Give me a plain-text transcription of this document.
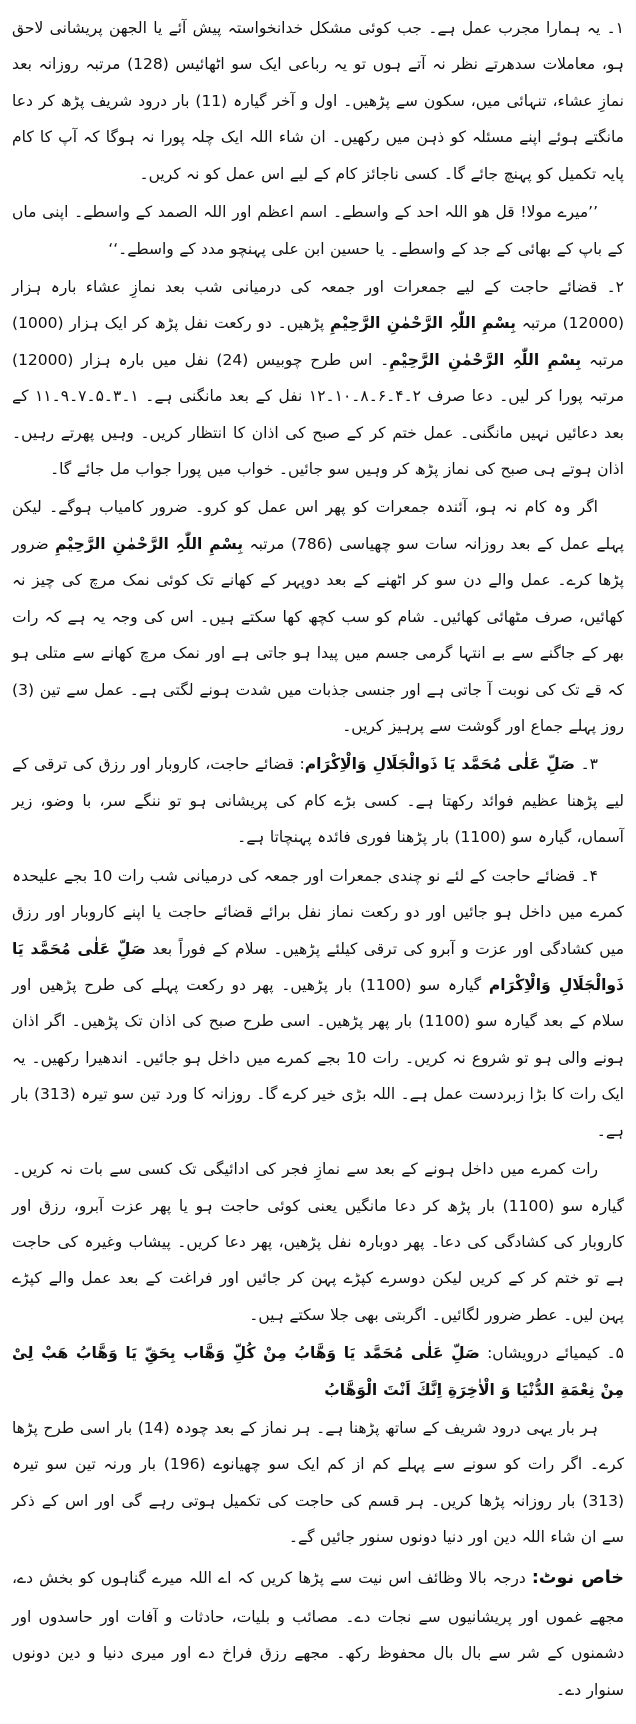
۱۔ یہ ہمارا مجرب عمل ہے۔ جب کوئی مشکل خدانخواستہ پیش آئے یا الجھن پریشانی لاحق ہو، معاملات سدھرتے نظر نہ آتے ہوں تو یہ رباعی ایک سو اٹھائیس (128) مرتبہ روزانہ بعد نمازِ عشاء، تنہائی میں، سکون سے پڑھیں۔ اول و آخر گیارہ (11) بار درود شریف پڑھ کر دعا مانگتے ہوئے اپنے مسئلہ کو ذہن میں رکھیں۔ ان شاء اللہ ایک چلہ پورا نہ ہوگا کہ آپ کا کام پایہ تکمیل کو پہنچ جائے گا۔ کسی ناجائز کام کے لیے اس عمل کو نہ کریں۔

’’میرے مولا! قل ھو اللہ احد کے واسطے۔ اسم اعظم اور اللہ الصمد کے واسطے۔ اپنی ماں کے باپ کے بھائی کے جد کے واسطے۔ یا حسین ابن علی پہنچو مدد کے واسطے۔‘‘

۲۔ قضائے حاجت کے لیے جمعرات اور جمعہ کی درمیانی شب بعد نمازِ عشاء بارہ ہزار (12000) مرتبہ بِسْمِ اللّٰہِ الرَّحْمٰنِ الرَّحِيْمِ پڑھیں۔ دو رکعت نفل پڑھ کر ایک ہزار (1000) مرتبہ بِسْمِ اللّٰہِ الرَّحْمٰنِ الرَّحِيْمِ۔ اس طرح چوبیس (24) نفل میں بارہ ہزار (12000) مرتبہ پورا کر لیں۔ دعا صرف ۲۔۴۔۶۔۸۔۱۰۔۱۲ نفل کے بعد مانگنی ہے۔ ۱۔۳۔۵۔۷۔۹۔۱۱ کے بعد دعائیں نہیں مانگنی۔ عمل ختم کر کے صبح کی اذان کا انتظار کریں۔ وہیں پھرتے رہیں۔ اذان ہوتے ہی صبح کی نماز پڑھ کر وہیں سو جائیں۔ خواب میں پورا جواب مل جائے گا۔

اگر وہ کام نہ ہو، آئندہ جمعرات کو پھر اس عمل کو کرو۔ ضرور کامیاب ہوگے۔ لیکن پہلے عمل کے بعد روزانہ سات سو چھیاسی (786) مرتبہ بِسْمِ اللّٰہِ الرَّحْمٰنِ الرَّحِيْمِ ضرور پڑھا کرے۔ عمل والے دن سو کر اٹھنے کے بعد دوپہر کے کھانے تک کوئی نمک مرچ کی چیز نہ کھائیں، صرف مٹھائی کھائیں۔ شام کو سب کچھ کھا سکتے ہیں۔ اس کی وجہ یہ ہے کہ رات بھر کے جاگنے سے بے انتہا گرمی جسم میں پیدا ہو جاتی ہے اور نمک مرچ کھانے سے متلی ہو کہ قے تک کی نوبت آ جاتی ہے اور جنسی جذبات میں شدت ہونے لگتی ہے۔ عمل سے تین (3) روز پہلے جماع اور گوشت سے پرہیز کریں۔

۳۔ صَلِّ عَلٰی مُحَمَّد يَا ذَوالْجَلَالِ وَالْاِکْرَام: قضائے حاجت، کاروبار اور رزق کی ترقی کے لیے پڑھنا عظیم فوائد رکھتا ہے۔ کسی بڑے کام کی پریشانی ہو تو ننگے سر، با وضو، زیر آسماں، گیارہ سو (1100) بار پڑھنا فوری فائدہ پہنچاتا ہے۔

۴۔ قضائے حاجت کے لئے نو چندی جمعرات اور جمعہ کی درمیانی شب رات 10 بجے علیحدہ کمرے میں داخل ہو جائیں اور دو رکعت نماز نفل برائے قضائے حاجت یا اپنے کاروبار اور رزق میں کشادگی اور عزت و آبرو کی ترقی کیلئے پڑھیں۔ سلام کے فوراً بعد صَلِّ عَلٰی مُحَمَّد يَا ذَوالْجَلَالِ وَالْاِکْرَام گیارہ سو (1100) بار پڑھیں۔ پھر دو رکعت پہلے کی طرح پڑھیں اور سلام کے بعد گیارہ سو (1100) بار پھر پڑھیں۔ اسی طرح صبح کی اذان تک پڑھیں۔ اگر اذان ہونے والی ہو تو شروع نہ کریں۔ رات 10 بجے کمرے میں داخل ہو جائیں۔ اندھیرا رکھیں۔ یہ ایک رات کا بڑا زبردست عمل ہے۔ اللہ بڑی خیر کرے گا۔ روزانہ کا ورد تین سو تیرہ (313) بار ہے۔

رات کمرے میں داخل ہونے کے بعد سے نمازِ فجر کی ادائیگی تک کسی سے بات نہ کریں۔ گیارہ سو (1100) بار پڑھ کر دعا مانگیں یعنی کوئی حاجت ہو یا پھر عزت آبرو، رزق اور کاروبار کی کشادگی کی دعا۔ پھر دوبارہ نفل پڑھیں، پھر دعا کریں۔ پیشاب وغیرہ کی حاجت ہے تو ختم کر کے کریں لیکن دوسرے کپڑے پہن کر جائیں اور فراغت کے بعد عمل والے کپڑے پہن لیں۔ عطر ضرور لگائیں۔ اگربتی بھی جلا سکتے ہیں۔

۵۔ کیمیائے درویشاں: صَلِّ عَلٰی مُحَمَّد يَا وَھَّابُ مِنْ کُلِّ وَھَّاب بِحَقِّ يَا وَھَّابُ ھَبْ لِیْ مِنْ نِعْمَةِ الدُّنْيَا وَ الْاٰخِرَةِ اِنَّكَ اَنْتَ الْوَھَّابُ

ہر بار یہی درود شریف کے ساتھ پڑھنا ہے۔ ہر نماز کے بعد چودہ (14) بار اسی طرح پڑھا کرے۔ اگر رات کو سونے سے پہلے کم از کم ایک سو چھیانوے (196) بار ورنہ تین سو تیرہ (313) بار روزانہ پڑھا کریں۔ ہر قسم کی حاجت کی تکمیل ہوتی رہے گی اور اس کے ذکر سے ان شاء اللہ دین اور دنیا دونوں سنور جائیں گے۔

خاص نوٹ: درجہ بالا وظائف اس نیت سے پڑھا کریں کہ اے اللہ میرے گناہوں کو بخش دے، مجھے غموں اور پریشانیوں سے نجات دے۔ مصائب و بلیات، حادثات و آفات اور حاسدوں اور دشمنوں کے شر سے بال بال محفوظ رکھ۔ مجھے رزق فراخ دے اور میری دنیا و دین دونوں سنوار دے۔
